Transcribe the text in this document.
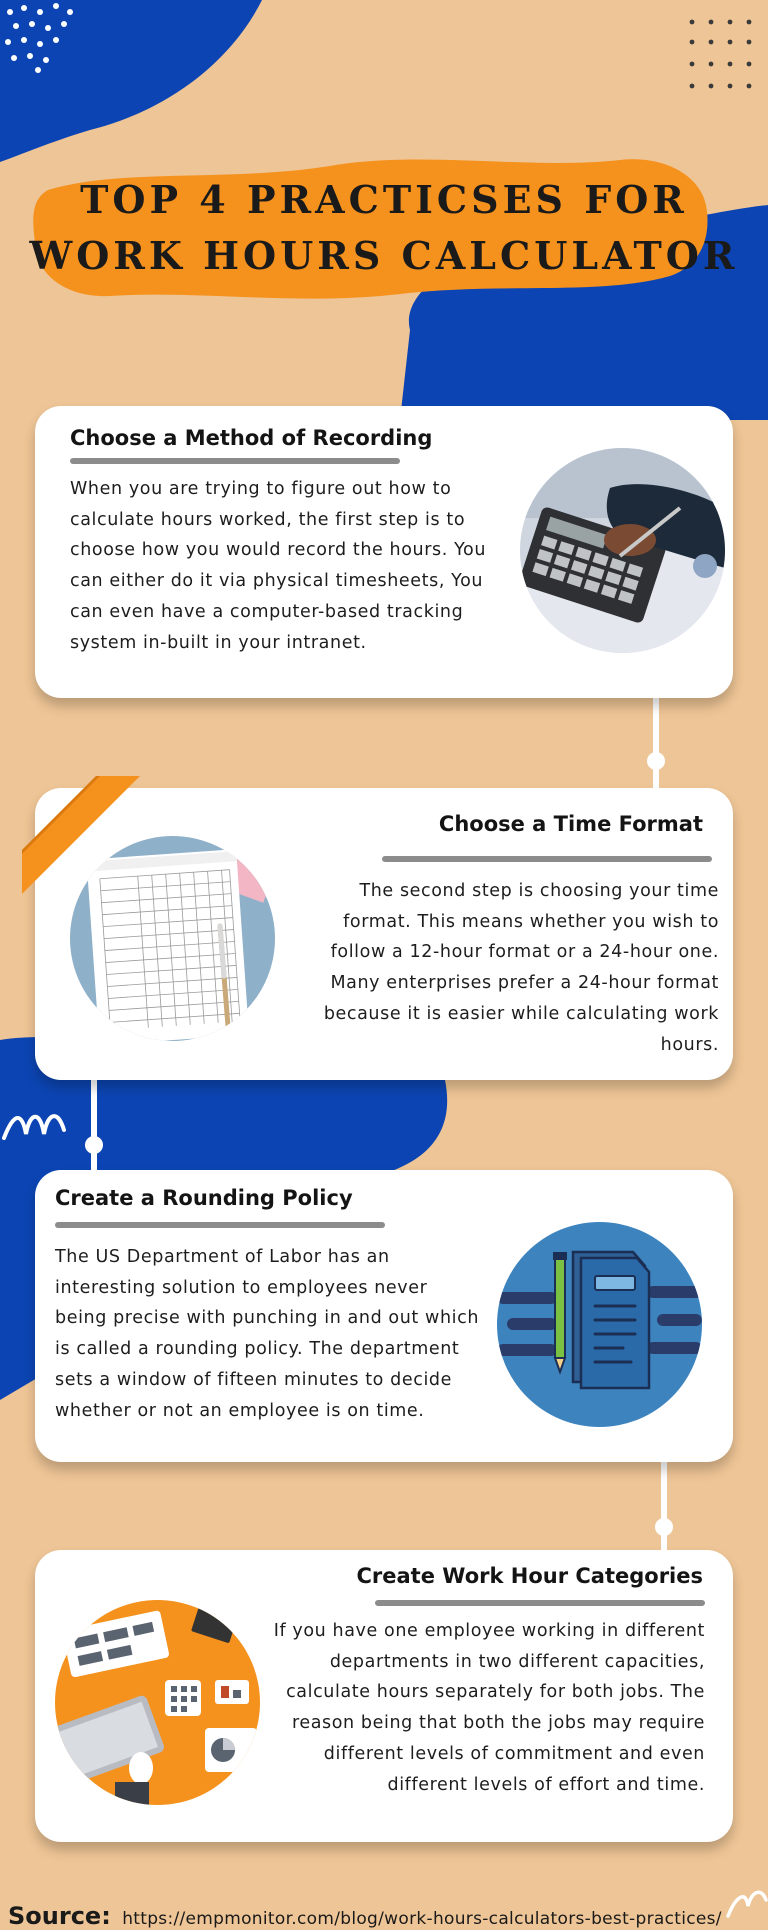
TOP 4 PRACTICSES FOR WORK HOURS CALCULATOR
Choose a Method of Recording

When you are trying to figure out how to calculate hours worked, the first step is to choose how you would record the hours. You can either do it via physical timesheets, You can even have a computer-based tracking system in-built in your intranet.

Choose a Time Format

The second step is choosing your time format. This means whether you wish to follow a 12-hour format or a 24-hour one. Many enterprises prefer a 24-hour format because it is easier while calculating work hours.

Create a Rounding Policy

The US Department of Labor has an interesting solution to employees never being precise with punching in and out which is called a rounding policy. The department sets a window of fifteen minutes to decide whether or not an employee is on time.

Create Work Hour Categories

If you have one employee working in different departments in two different capacities, calculate hours separately for both jobs. The reason being that both the jobs may require different levels of commitment and even different levels of effort and time.

Source: https://empmonitor.com/blog/work-hours-calculators-best-practices/
